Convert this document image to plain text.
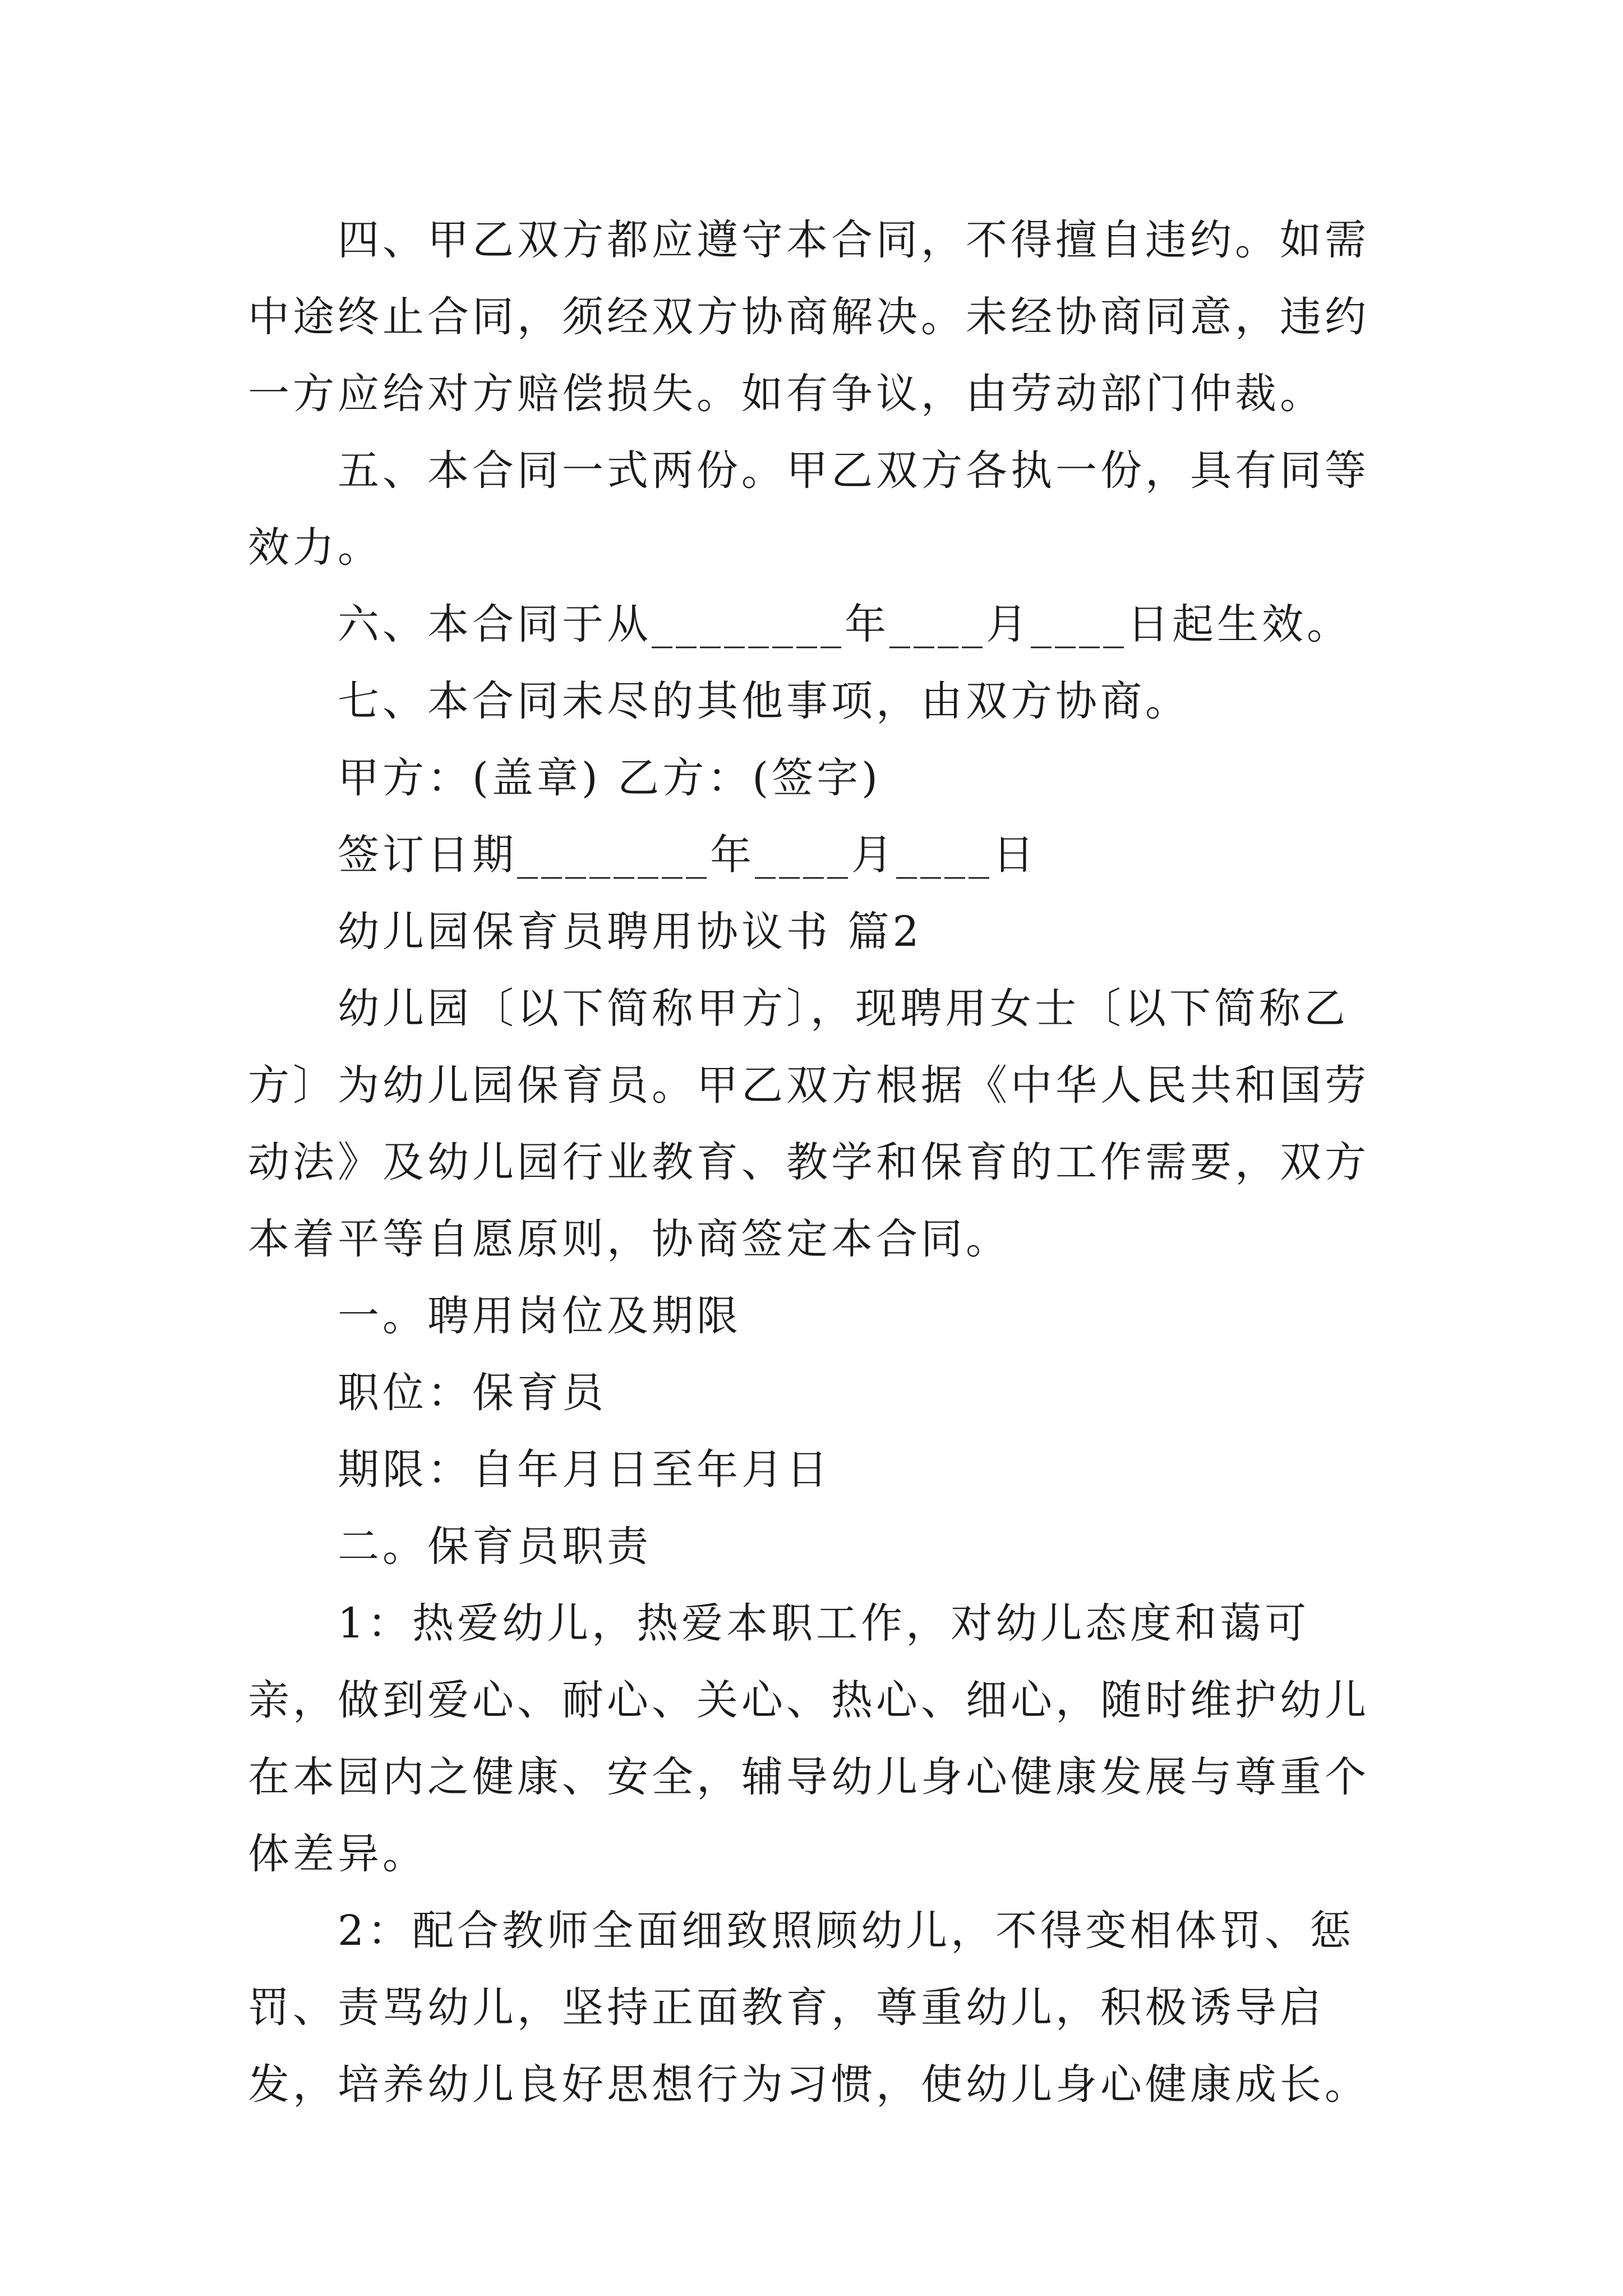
四、甲乙双方都应遵守本合同，不得擅自违约。如需中途终止合同，须经双方协商解决。未经协商同意，违约一方应给对方赔偿损失。如有争议，由劳动部门仲裁。

五、本合同一式两份。甲乙双方各执一份，具有同等效力。

六、本合同于从________年____月____日起生效。

七、本合同未尽的其他事项，由双方协商。

甲方：(盖章) 乙方：(签字)

签订日期________年____月____日

幼儿园保育员聘用协议书 篇2

幼儿园〔以下简称甲方〕，现聘用女士〔以下简称乙方〕为幼儿园保育员。甲乙双方根据《中华人民共和国劳动法》及幼儿园行业教育、教学和保育的工作需要，双方本着平等自愿原则，协商签定本合同。

一。聘用岗位及期限

职位：保育员

期限：自年月日至年月日

二。保育员职责

1：热爱幼儿，热爱本职工作，对幼儿态度和蔼可亲，做到爱心、耐心、关心、热心、细心，随时维护幼儿在本园内之健康、安全，辅导幼儿身心健康发展与尊重个体差异。

2：配合教师全面细致照顾幼儿，不得变相体罚、惩罚、责骂幼儿，坚持正面教育，尊重幼儿，积极诱导启发，培养幼儿良好思想行为习惯，使幼儿身心健康成长。
